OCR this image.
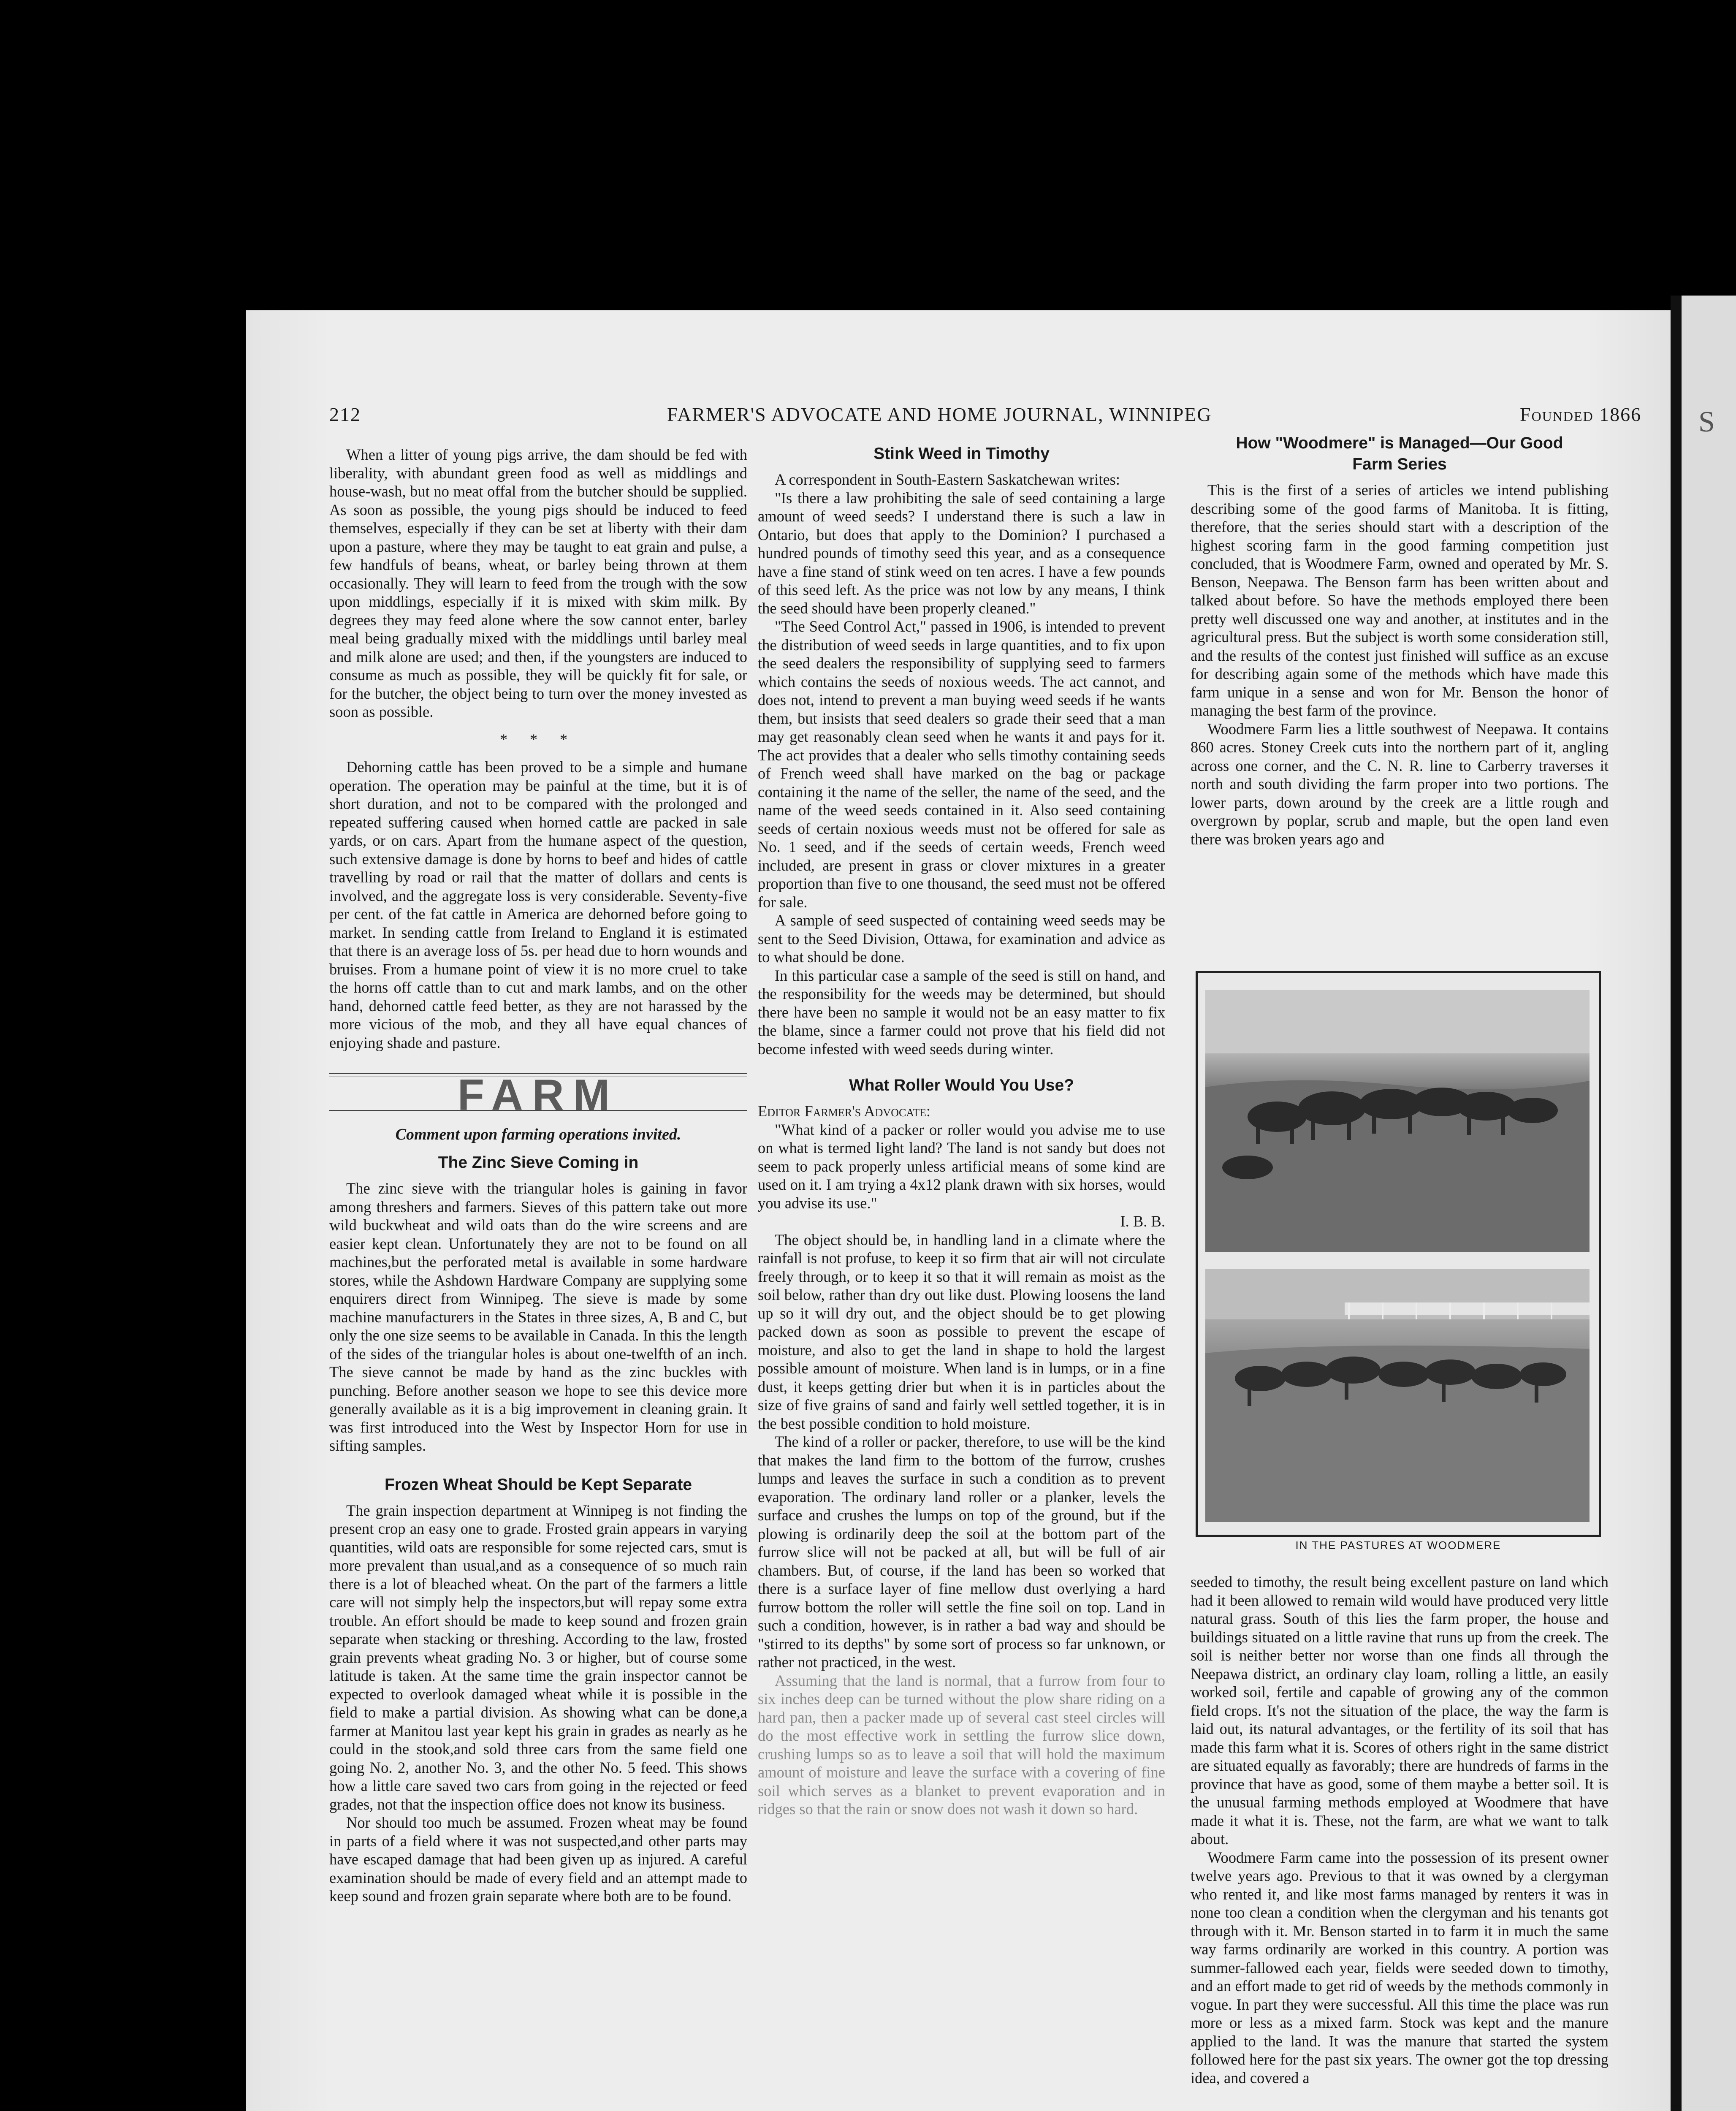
S
212	FARMER'S ADVOCATE AND HOME JOURNAL, WINNIPEG	Founded 1866

When a litter of young pigs arrive, the dam should be fed with liberality, with abundant green food as well as middlings and house-wash, but no meat offal from the butcher should be supplied. As soon as possible, the young pigs should be induced to feed themselves, especially if they can be set at liberty with their dam upon a pasture, where they may be taught to eat grain and pulse, a few handfuls of beans, wheat, or barley being thrown at them occasionally. They will learn to feed from the trough with the sow upon middlings, especially if it is mixed with skim milk. By degrees they may feed alone where the sow cannot enter, barley meal being gradually mixed with the middlings until barley meal and milk alone are used; and then, if the youngsters are induced to consume as much as possible, they will be quickly fit for sale, or for the butcher, the object being to turn over the money invested as soon as possible.

* * *

Dehorning cattle has been proved to be a simple and humane operation. The operation may be painful at the time, but it is of short duration, and not to be compared with the prolonged and repeated suffering caused when horned cattle are packed in sale yards, or on cars. Apart from the humane aspect of the question, such extensive damage is done by horns to beef and hides of cattle travelling by road or rail that the matter of dollars and cents is involved, and the aggregate loss is very considerable. Seventy-five per cent. of the fat cattle in America are dehorned before going to market. In sending cattle from Ireland to England it is estimated that there is an average loss of 5s. per head due to horn wounds and bruises. From a humane point of view it is no more cruel to take the horns off cattle than to cut and mark lambs, and on the other hand, dehorned cattle feed better, as they are not harassed by the more vicious of the mob, and they all have equal chances of enjoying shade and pasture.

FARM
Comment upon farming operations invited.
The Zinc Sieve Coming in

The zinc sieve with the triangular holes is gaining in favor among threshers and farmers. Sieves of this pattern take out more wild buckwheat and wild oats than do the wire screens and are easier kept clean. Unfortunately they are not to be found on all machines,but the perforated metal is available in some hardware stores, while the Ashdown Hardware Company are supplying some enquirers direct from Winnipeg. The sieve is made by some machine manufacturers in the States in three sizes, A, B and C, but only the one size seems to be available in Canada. In this the length of the sides of the triangular holes is about one-twelfth of an inch. The sieve cannot be made by hand as the zinc buckles with punching. Before another season we hope to see this device more generally available as it is a big improvement in cleaning grain. It was first introduced into the West by Inspector Horn for use in sifting samples.

Frozen Wheat Should be Kept Separate

The grain inspection department at Winnipeg is not finding the present crop an easy one to grade. Frosted grain appears in varying quantities, wild oats are responsible for some rejected cars, smut is more prevalent than usual,and as a consequence of so much rain there is a lot of bleached wheat. On the part of the farmers a little care will not simply help the inspectors,but will repay some extra trouble. An effort should be made to keep sound and frozen grain separate when stacking or threshing. According to the law, frosted grain prevents wheat grading No. 3 or higher, but of course some latitude is taken. At the same time the grain inspector cannot be expected to overlook damaged wheat while it is possible in the field to make a partial division. As showing what can be done,a farmer at Manitou last year kept his grain in grades as nearly as he could in the stook,and sold three cars from the same field one going No. 2, another No. 3, and the other No. 5 feed. This shows how a little care saved two cars from going in the rejected or feed grades, not that the inspection office does not know its business.

Nor should too much be assumed. Frozen wheat may be found in parts of a field where it was not suspected,and other parts may have escaped damage that had been given up as injured. A careful examination should be made of every field and an attempt made to keep sound and frozen grain separate where both are to be found.

Stink Weed in Timothy

A correspondent in South-Eastern Saskatchewan writes:

"Is there a law prohibiting the sale of seed containing a large amount of weed seeds? I understand there is such a law in Ontario, but does that apply to the Dominion? I purchased a hundred pounds of timothy seed this year, and as a consequence have a fine stand of stink weed on ten acres. I have a few pounds of this seed left. As the price was not low by any means, I think the seed should have been properly cleaned."

"The Seed Control Act," passed in 1906, is intended to prevent the distribution of weed seeds in large quantities, and to fix upon the seed dealers the responsibility of supplying seed to farmers which contains the seeds of noxious weeds. The act cannot, and does not, intend to prevent a man buying weed seeds if he wants them, but insists that seed dealers so grade their seed that a man may get reasonably clean seed when he wants it and pays for it. The act provides that a dealer who sells timothy containing seeds of French weed shall have marked on the bag or package containing it the name of the seller, the name of the seed, and the name of the weed seeds contained in it. Also seed containing seeds of certain noxious weeds must not be offered for sale as No. 1 seed, and if the seeds of certain weeds, French weed included, are present in grass or clover mixtures in a greater proportion than five to one thousand, the seed must not be offered for sale.

A sample of seed suspected of containing weed seeds may be sent to the Seed Division, Ottawa, for examination and advice as to what should be done.

In this particular case a sample of the seed is still on hand, and the responsibility for the weeds may be determined, but should there have been no sample it would not be an easy matter to fix the blame, since a farmer could not prove that his field did not become infested with weed seeds during winter.

What Roller Would You Use?

Editor Farmer's Advocate:

"What kind of a packer or roller would you advise me to use on what is termed light land? The land is not sandy but does not seem to pack properly unless artificial means of some kind are used on it. I am trying a 4x12 plank drawn with six horses, would you advise its use."

I. B. B.

The object should be, in handling land in a climate where the rainfall is not profuse, to keep it so firm that air will not circulate freely through, or to keep it so that it will remain as moist as the soil below, rather than dry out like dust. Plowing loosens the land up so it will dry out, and the object should be to get plowing packed down as soon as possible to prevent the escape of moisture, and also to get the land in shape to hold the largest possible amount of moisture. When land is in lumps, or in a fine dust, it keeps getting drier but when it is in particles about the size of five grains of sand and fairly well settled together, it is in the best possible condition to hold moisture.

The kind of a roller or packer, therefore, to use will be the kind that makes the land firm to the bottom of the furrow, crushes lumps and leaves the surface in such a condition as to prevent evaporation. The ordinary land roller or a planker, levels the surface and crushes the lumps on top of the ground, but if the plowing is ordinarily deep the soil at the bottom part of the furrow slice will not be packed at all, but will be full of air chambers. But, of course, if the land has been so worked that there is a surface layer of fine mellow dust overlying a hard furrow bottom the roller will settle the fine soil on top. Land in such a condition, however, is in rather a bad way and should be "stirred to its depths" by some sort of process so far unknown, or rather not practiced, in the west.

Assuming that the land is normal, that a furrow from four to six inches deep can be turned without the plow share riding on a hard pan, then a packer made up of several cast steel circles will do the most effective work in settling the furrow slice down, crushing lumps so as to leave a soil that will hold the maximum amount of moisture and leave the surface with a covering of fine soil which serves as a blanket to prevent evaporation and in ridges so that the rain or snow does not wash it down so hard.

How "Woodmere" is Managed—Our Good
Farm Series

This is the first of a series of articles we intend publishing describing some of the good farms of Manitoba. It is fitting, therefore, that the series should start with a description of the highest scoring farm in the good farming competition just concluded, that is Woodmere Farm, owned and operated by Mr. S. Benson, Neepawa. The Benson farm has been written about and talked about before. So have the methods employed there been pretty well discussed one way and another, at institutes and in the agricultural press. But the subject is worth some consideration still, and the results of the contest just finished will suffice as an excuse for describing again some of the methods which have made this farm unique in a sense and won for Mr. Benson the honor of managing the best farm of the province.

Woodmere Farm lies a little southwest of Neepawa. It contains 860 acres. Stoney Creek cuts into the northern part of it, angling across one corner, and the C. N. R. line to Carberry traverses it north and south dividing the farm proper into two portions. The lower parts, down around by the creek are a little rough and overgrown by poplar, scrub and maple, but the open land even there was broken years ago and

IN THE PASTURES AT WOODMERE

seeded to timothy, the result being excellent pasture on land which had it been allowed to remain wild would have produced very little natural grass. South of this lies the farm proper, the house and buildings situated on a little ravine that runs up from the creek. The soil is neither better nor worse than one finds all through the Neepawa district, an ordinary clay loam, rolling a little, an easily worked soil, fertile and capable of growing any of the common field crops. It's not the situation of the place, the way the farm is laid out, its natural advantages, or the fertility of its soil that has made this farm what it is. Scores of others right in the same district are situated equally as favorably; there are hundreds of farms in the province that have as good, some of them maybe a better soil. It is the unusual farming methods employed at Woodmere that have made it what it is. These, not the farm, are what we want to talk about.

Woodmere Farm came into the possession of its present owner twelve years ago. Previous to that it was owned by a clergyman who rented it, and like most farms managed by renters it was in none too clean a condition when the clergyman and his tenants got through with it. Mr. Benson started in to farm it in much the same way farms ordinarily are worked in this country. A portion was summer-fallowed each year, fields were seeded down to timothy, and an effort made to get rid of weeds by the methods commonly in vogue. In part they were successful. All this time the place was run more or less as a mixed farm. Stock was kept and the manure applied to the land. It was the manure that started the system followed here for the past six years. The owner got the top dressing idea, and covered a
